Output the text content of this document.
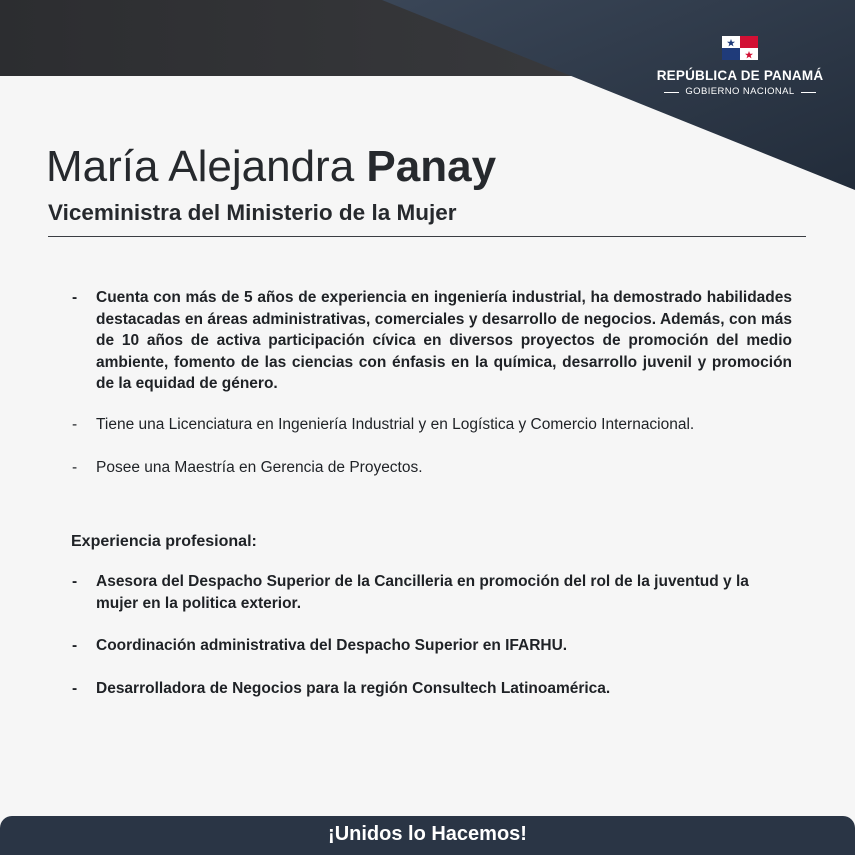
REPÚBLICA DE PANAMÁ
GOBIERNO NACIONAL
María Alejandra Panay
Viceministra del Ministerio de la Mujer
- Cuenta con más de 5 años de experiencia en ingeniería industrial, ha demostrado habilidades destacadas en áreas administrativas, comerciales y desarrollo de negocios. Además, con más de 10 años de activa participación cívica en diversos proyectos de promoción del medio ambiente, fomento de las ciencias con énfasis en la química, desarrollo juvenil y promoción de la equidad de género.
- Tiene una Licenciatura en Ingeniería Industrial y en Logística y Comercio Internacional.
- Posee una Maestría en Gerencia de Proyectos.
Experiencia profesional:
- Asesora del Despacho Superior de la Cancilleria en promoción del rol de la juventud y la mujer en la politica exterior.
- Coordinación administrativa del Despacho Superior en IFARHU.
- Desarrolladora de Negocios para la región Consultech Latinoamérica.
¡Unidos lo Hacemos!
